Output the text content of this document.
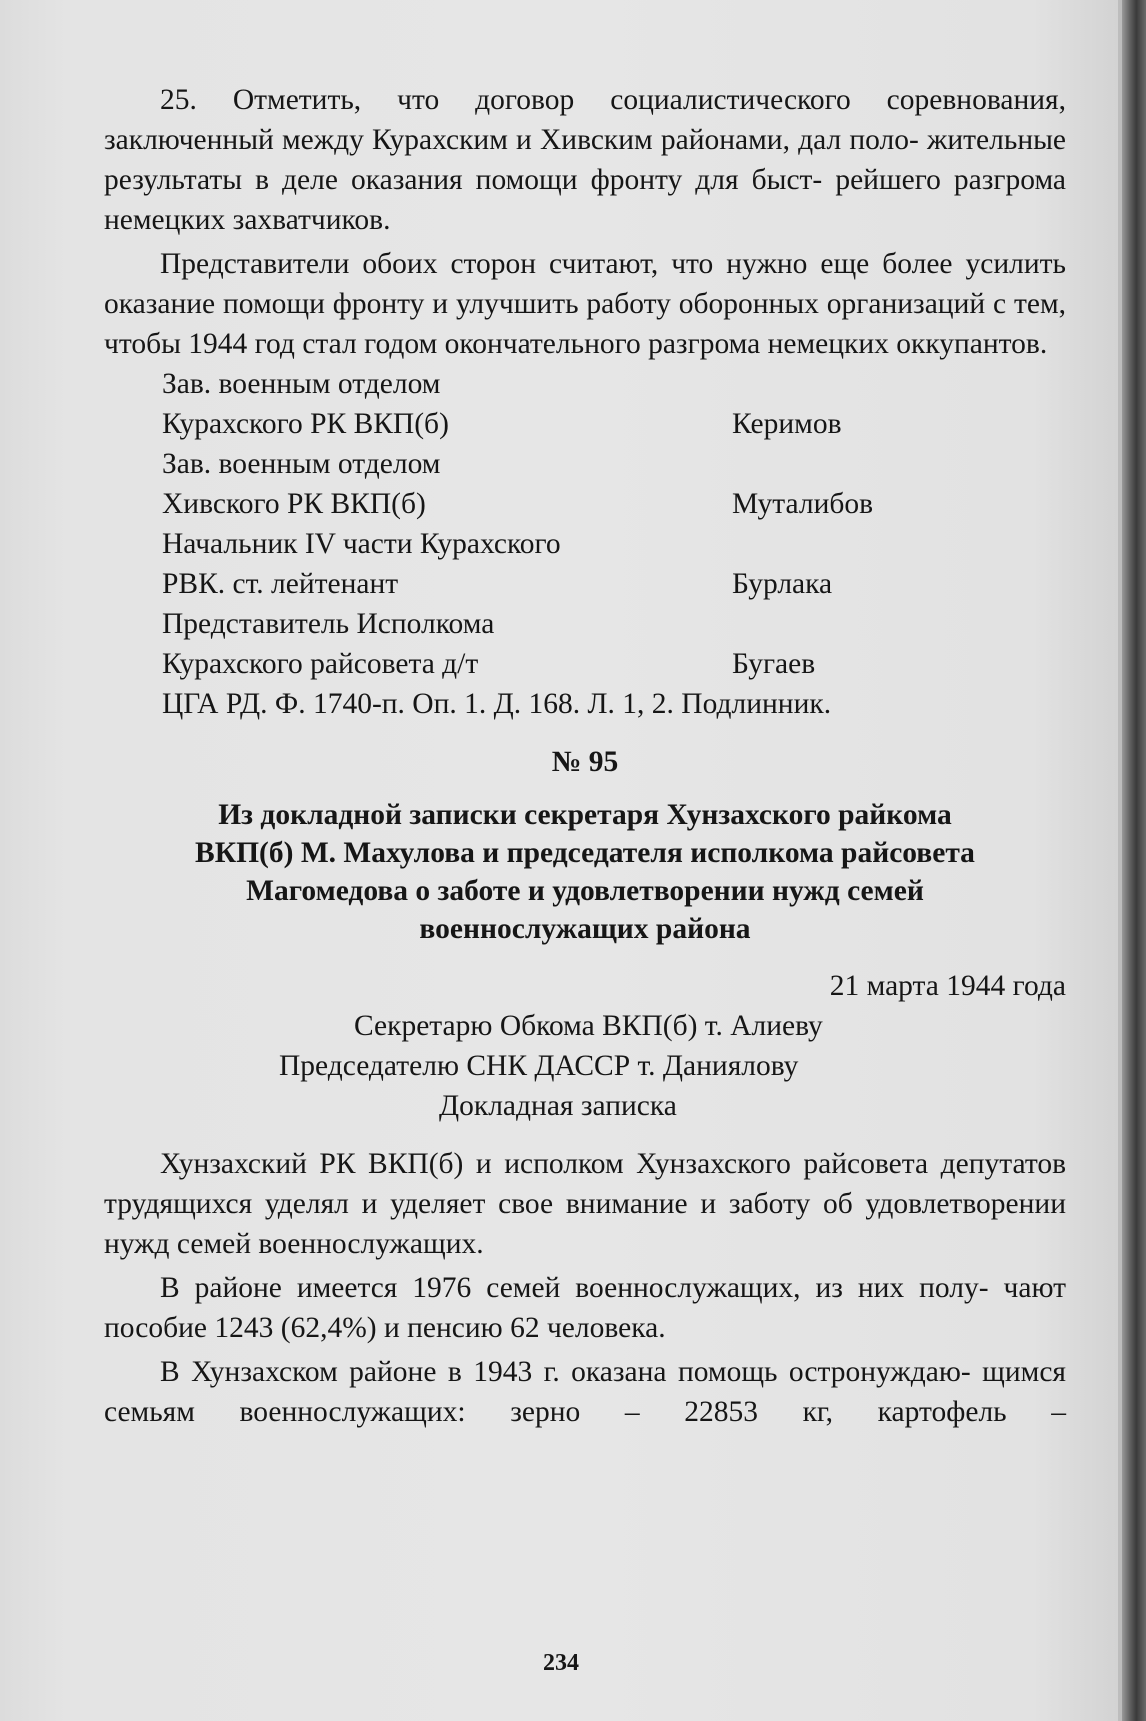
25. Отметить, что договор социалистического соревнования, заключенный между Курахским и Хивским районами, дал поло- жительные результаты в деле оказания помощи фронту для быст- рейшего разгрома немецких захватчиков.

Представители обоих сторон считают, что нужно еще более усилить оказание помощи фронту и улучшить работу оборонных организаций с тем, чтобы 1944 год стал годом окончательного разгрома немецких оккупантов.

Зав. военным отделом
Курахского РК ВКП(б)	Керимов
Зав. военным отделом
Хивского РК ВКП(б)	Муталибов
Начальник IV части Курахского
РВК. ст. лейтенант	Бурлака
Представитель Исполкома
Курахского райсовета д/т	Бугаев

ЦГА РД. Ф. 1740-п. Оп. 1. Д. 168. Л. 1, 2. Подлинник.

№ 95

Из докладной записки секретаря Хунзахского райкома
ВКП(б) М. Махулова и председателя исполкома райсовета
Магомедова о заботе и удовлетворении нужд семей
военнослужащих района

21 марта 1944 года

Секретарю Обкома ВКП(б) т. Алиеву
Председателю СНК ДАССР т. Даниялову
Докладная записка

Хунзахский РК ВКП(б) и исполком Хунзахского райсовета депутатов трудящихся уделял и уделяет свое внимание и заботу об удовлетворении нужд семей военнослужащих.

В районе имеется 1976 семей военнослужащих, из них полу- чают пособие 1243 (62,4%) и пенсию 62 человека.

В Хунзахском районе в 1943 г. оказана помощь остронуждаю- щимся семьям военнослужащих: зерно – 22853 кг, картофель –

234
